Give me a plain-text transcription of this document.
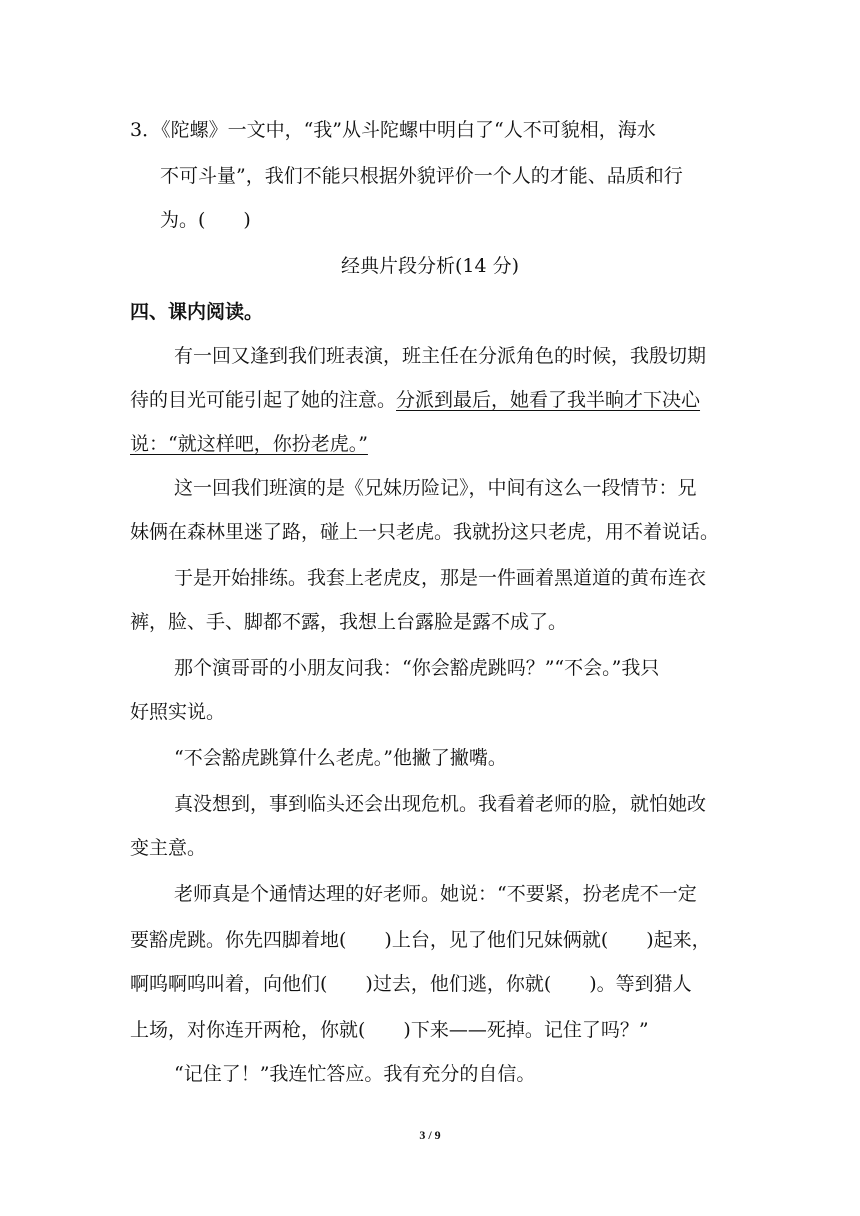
3．《陀螺》一文中，“我”从斗陀螺中明白了“人不可貌相，海水
不可斗量”，我们不能只根据外貌评价一个人的才能、品质和行
为。(　　)
经典片段分析(14 分)
四、课内阅读。
有一回又逢到我们班表演，班主任在分派角色的时候，我殷切期
待的目光可能引起了她的注意。分派到最后，她看了我半晌才下决心
说：“就这样吧，你扮老虎。”
这一回我们班演的是《兄妹历险记》，中间有这么一段情节：兄
妹俩在森林里迷了路，碰上一只老虎。我就扮这只老虎，用不着说话。
于是开始排练。我套上老虎皮，那是一件画着黑道道的黄布连衣
裤，脸、手、脚都不露，我想上台露脸是露不成了。
那个演哥哥的小朋友问我：“你会豁虎跳吗？”“不会。”我只
好照实说。
“不会豁虎跳算什么老虎。”他撇了撇嘴。
真没想到，事到临头还会出现危机。我看着老师的脸，就怕她改
变主意。
老师真是个通情达理的好老师。她说：“不要紧，扮老虎不一定
要豁虎跳。你先四脚着地(　　)上台，见了他们兄妹俩就(　　)起来，
啊呜啊呜叫着，向他们(　　)过去，他们逃，你就(　　)。等到猎人
上场，对你连开两枪，你就(　　)下来——死掉。记住了吗？”
“记住了！”我连忙答应。我有充分的自信。
3 / 9
